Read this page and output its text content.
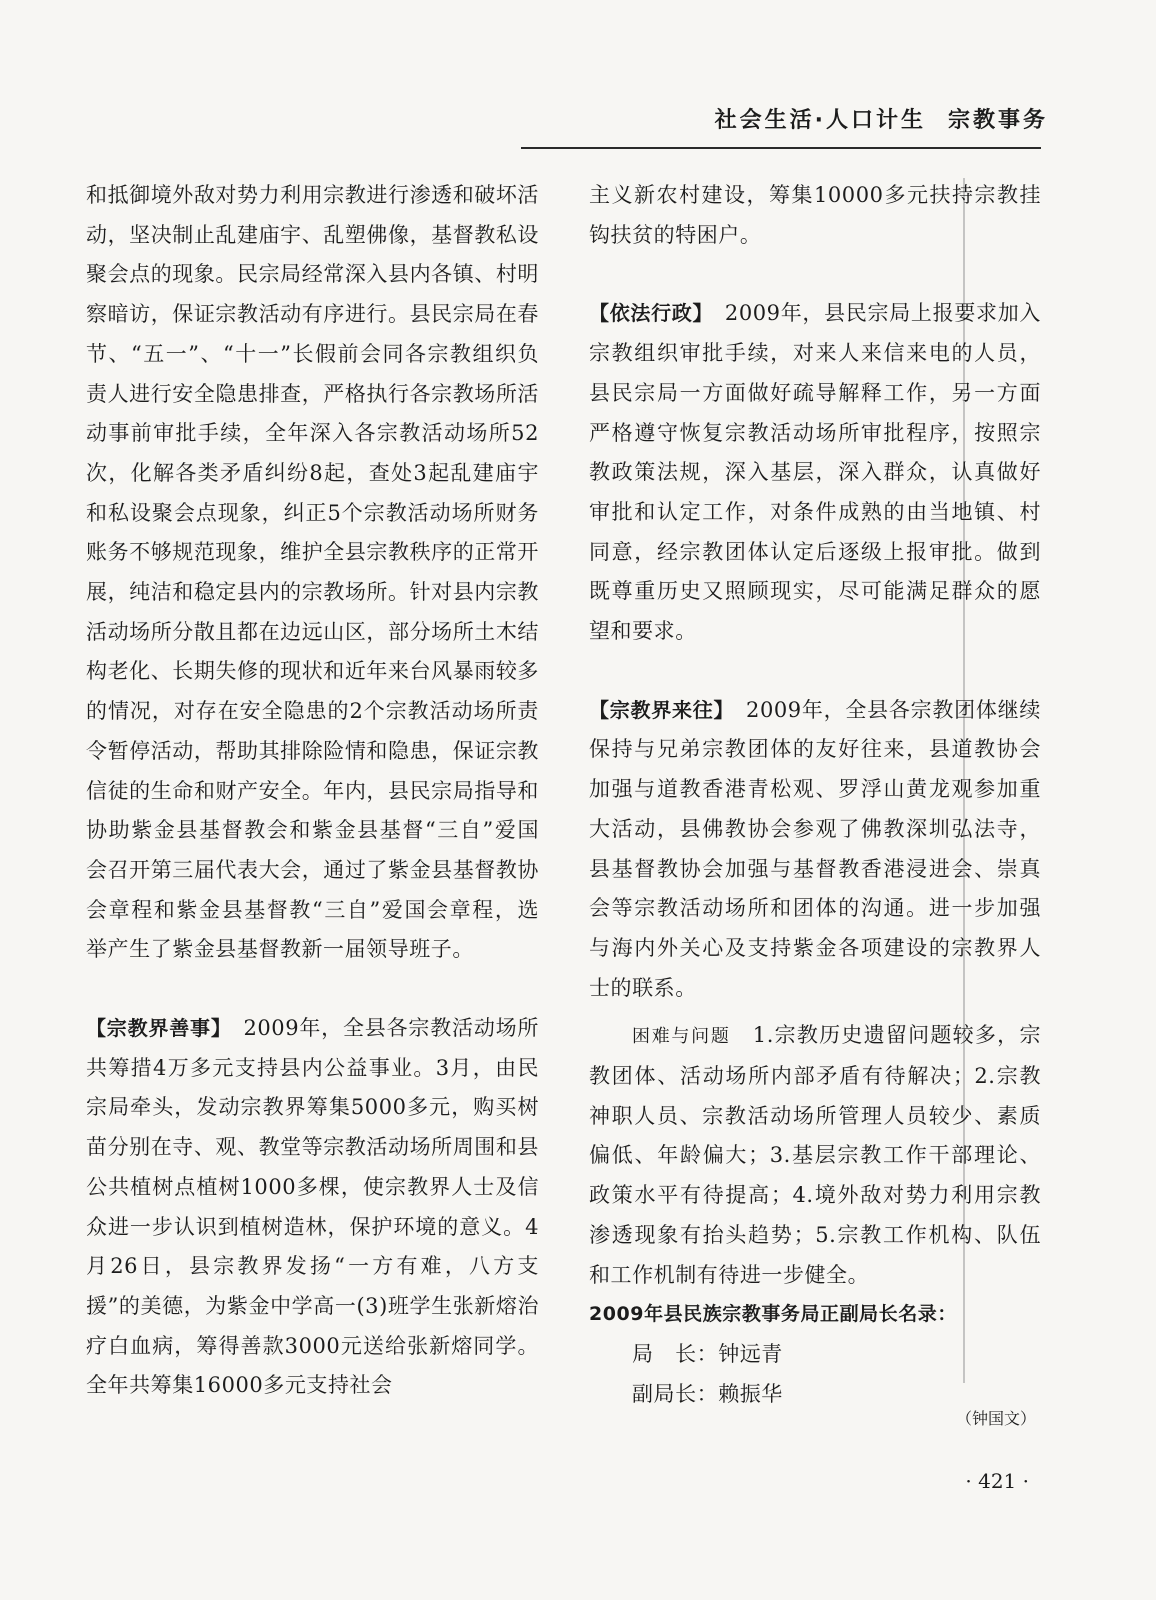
社会生活·人口计生 宗教事务

和抵御境外敌对势力利用宗教进行渗透和破坏活动，坚决制止乱建庙宇、乱塑佛像，基督教私设聚会点的现象。民宗局经常深入县内各镇、村明察暗访，保证宗教活动有序进行。县民宗局在春节、“五一”、“十一”长假前会同各宗教组织负责人进行安全隐患排查，严格执行各宗教场所活动事前审批手续，全年深入各宗教活动场所52次，化解各类矛盾纠纷8起，查处3起乱建庙宇和私设聚会点现象，纠正5个宗教活动场所财务账务不够规范现象，维护全县宗教秩序的正常开展，纯洁和稳定县内的宗教场所。针对县内宗教活动场所分散且都在边远山区，部分场所土木结构老化、长期失修的现状和近年来台风暴雨较多的情况，对存在安全隐患的2个宗教活动场所责令暂停活动，帮助其排除险情和隐患，保证宗教信徒的生命和财产安全。年内，县民宗局指导和协助紫金县基督教会和紫金县基督“三自”爱国会召开第三届代表大会，通过了紫金县基督教协会章程和紫金县基督教“三自”爱国会章程，选举产生了紫金县基督教新一届领导班子。

【宗教界善事】　 2009年，全县各宗教活动场所共筹措4万多元支持县内公益事业。3月，由民宗局牵头，发动宗教界筹集5000多元，购买树苗分别在寺、观、教堂等宗教活动场所周围和县公共植树点植树1000多棵，使宗教界人士及信众进一步认识到植树造林，保护环境的意义。4月26日，县宗教界发扬“一方有难，八方支援”的美德，为紫金中学高一(3)班学生张新熔治疗白血病，筹得善款3000元送给张新熔同学。全年共筹集16000多元支持社会

主义新农村建设，筹集10000多元扶持宗教挂钩扶贫的特困户。

【依法行政】　 2009年，县民宗局上报要求加入宗教组织审批手续，对来人来信来电的人员，县民宗局一方面做好疏导解释工作，另一方面严格遵守恢复宗教活动场所审批程序，按照宗教政策法规，深入基层，深入群众，认真做好审批和认定工作，对条件成熟的由当地镇、村同意，经宗教团体认定后逐级上报审批。做到既尊重历史又照顾现实，尽可能满足群众的愿望和要求。

【宗教界来往】　 2009年，全县各宗教团体继续保持与兄弟宗教团体的友好往来，县道教协会加强与道教香港青松观、罗浮山黄龙观参加重大活动，县佛教协会参观了佛教深圳弘法寺，县基督教协会加强与基督教香港浸进会、崇真会等宗教活动场所和团体的沟通。进一步加强与海内外关心及支持紫金各项建设的宗教界人士的联系。

困难与问题　 1.宗教历史遗留问题较多，宗教团体、活动场所内部矛盾有待解决；2.宗教神职人员、宗教活动场所管理人员较少、素质偏低、年龄偏大；3.基层宗教工作干部理论、政策水平有待提高；4.境外敌对势力利用宗教渗透现象有抬头趋势；5.宗教工作机构、队伍和工作机制有待进一步健全。

2009年县民族宗教事务局正副局长名录：

局　长：钟远青

副局长：赖振华

（钟国文）
· 421 ·
